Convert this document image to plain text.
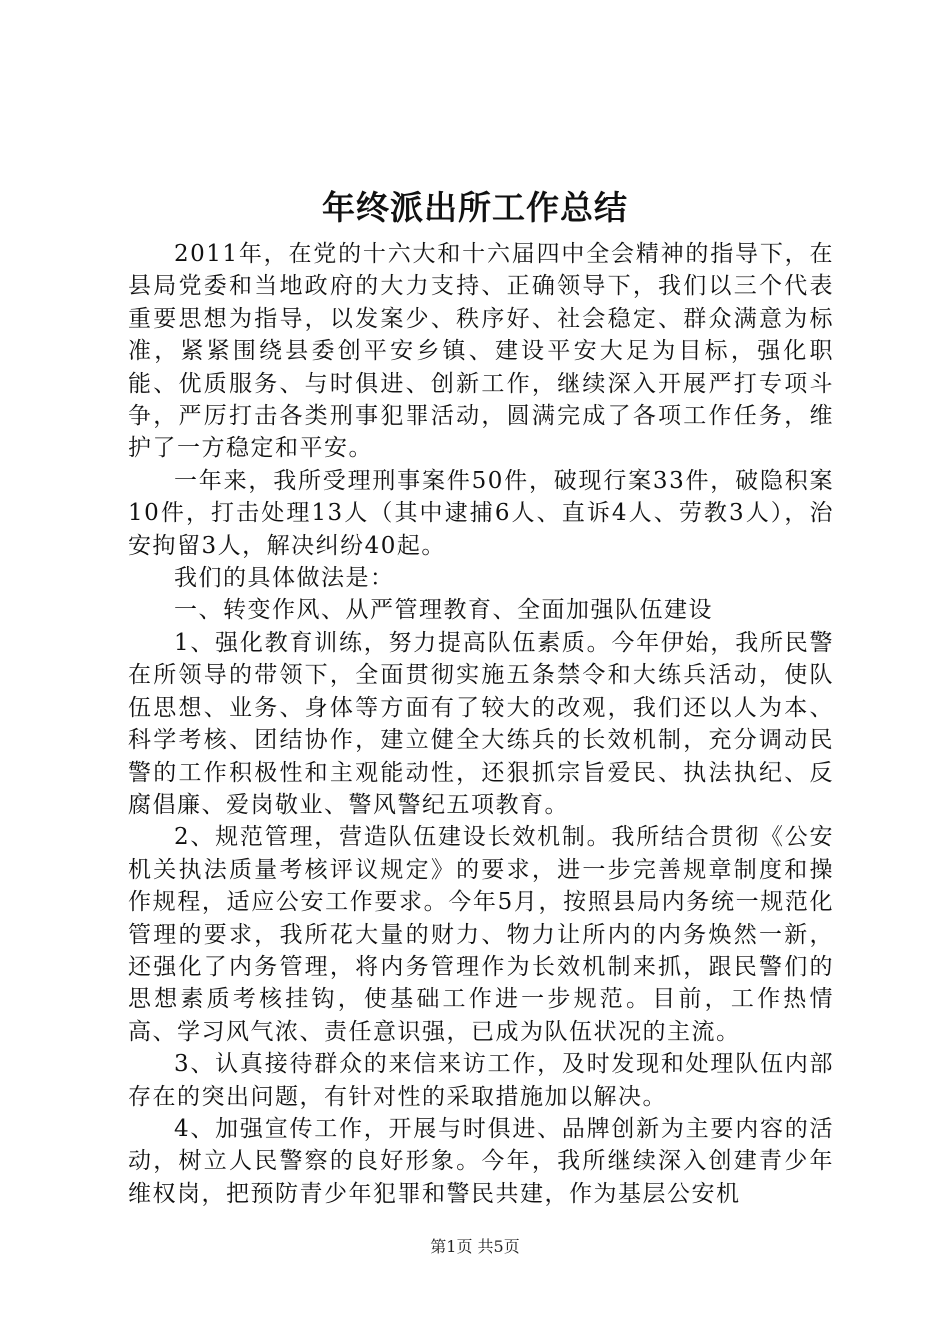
年终派出所工作总结

2011年，在党的十六大和十六届四中全会精神的指导下，在县局党委和当地政府的大力支持、正确领导下，我们以三个代表重要思想为指导，以发案少、秩序好、社会稳定、群众满意为标准，紧紧围绕县委创平安乡镇、建设平安大足为目标，强化职能、优质服务、与时俱进、创新工作，继续深入开展严打专项斗争，严厉打击各类刑事犯罪活动，圆满完成了各项工作任务，维护了一方稳定和平安。

一年来，我所受理刑事案件50件，破现行案33件，破隐积案10件，打击处理13人（其中逮捕6人、直诉4人、劳教3人），治安拘留3人，解决纠纷40起。

我们的具体做法是：

一、转变作风、从严管理教育、全面加强队伍建设

1、强化教育训练，努力提高队伍素质。今年伊始，我所民警在所领导的带领下，全面贯彻实施五条禁令和大练兵活动，使队伍思想、业务、身体等方面有了较大的改观，我们还以人为本、科学考核、团结协作，建立健全大练兵的长效机制，充分调动民警的工作积极性和主观能动性，还狠抓宗旨爱民、执法执纪、反腐倡廉、爱岗敬业、警风警纪五项教育。

2、规范管理，营造队伍建设长效机制。我所结合贯彻《公安机关执法质量考核评议规定》的要求，进一步完善规章制度和操作规程，适应公安工作要求。今年5月，按照县局内务统一规范化管理的要求，我所花大量的财力、物力让所内的内务焕然一新，还强化了内务管理，将内务管理作为长效机制来抓，跟民警们的思想素质考核挂钩，使基础工作进一步规范。目前，工作热情高、学习风气浓、责任意识强，已成为队伍状况的主流。

3、认真接待群众的来信来访工作，及时发现和处理队伍内部存在的突出问题，有针对性的采取措施加以解决。

4、加强宣传工作，开展与时俱进、品牌创新为主要内容的活动，树立人民警察的良好形象。今年，我所继续深入创建青少年维权岗，把预防青少年犯罪和警民共建，作为基层公安机

第1页 共5页
